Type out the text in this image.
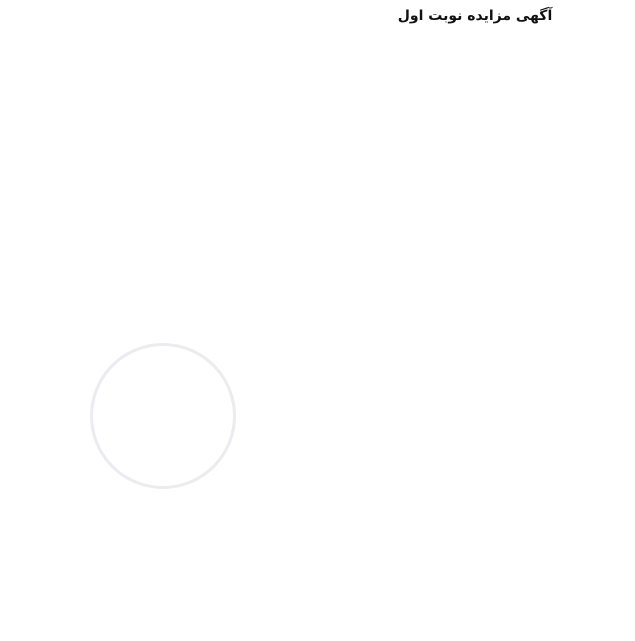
آگهی مزایده نوبت اول
